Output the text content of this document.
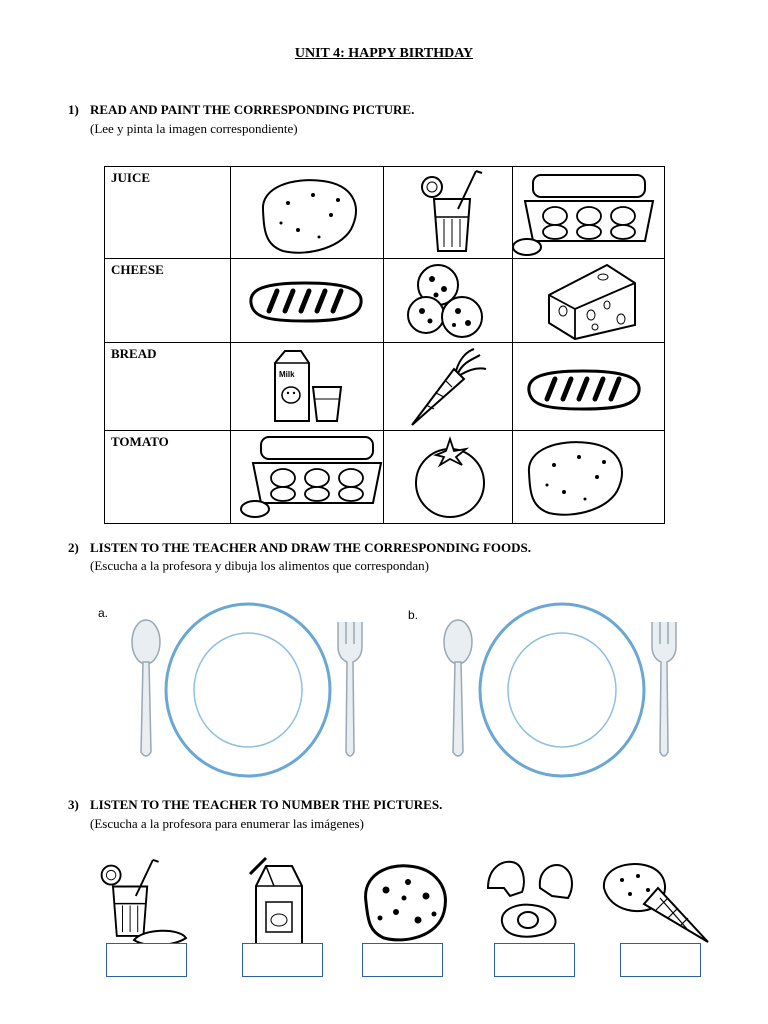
UNIT 4: HAPPY BIRTHDAY
1) READ AND PAINT THE CORRESPONDING PICTURE.
(Lee y pinta la imagen correspondiente)
JUICE

CHEESE

BREAD

TOMATO

2) LISTEN TO THE TEACHER AND DRAW THE CORRESPONDING FOODS.
(Escucha a la profesora y dibuja los alimentos que correspondan)
a.	b.
3) LISTEN TO THE TEACHER TO NUMBER THE PICTURES.
(Escucha a la profesora para enumerar las imágenes)
